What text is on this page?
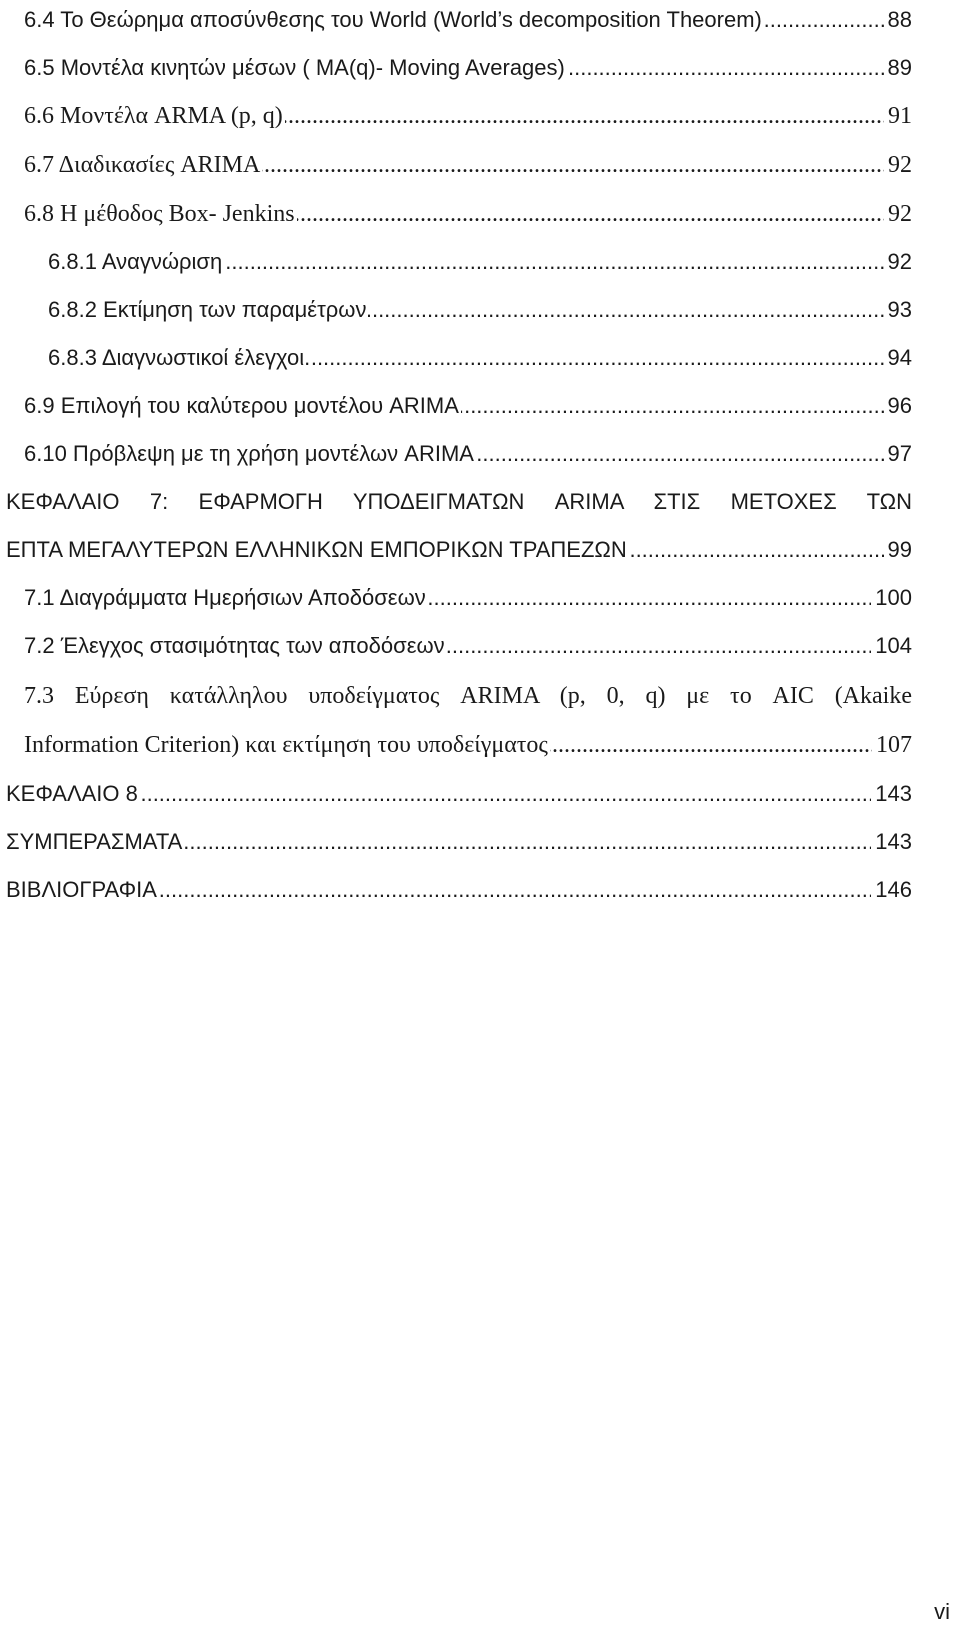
6.4 Το Θεώρημα αποσύνθεσης του World (World’s decomposition Theorem)	88
.....
6.5 Μοντέλα κινητών μέσων ( MA(q)- Moving Averages)	89
.....
6.6 Μοντέλα ARMA (p, q)	91
.....
6.7 Διαδικασίες ARIMA	92
.....
6.8 Η μέθοδος Box- Jenkins	92
.....
6.8.1 Αναγνώριση	92
.....
6.8.2 Εκτίμηση των παραμέτρων	93
.....
6.8.3 Διαγνωστικοί έλεγχοι.	94
.....
6.9 Επιλογή του καλύτερου μοντέλου ARIMA	96
.....
6.10 Πρόβλεψη με τη χρήση μοντέλων ARIMA	97
.....
ΚΕΦΑΛΑΙΟ 7: ΕΦΑΡΜΟΓΗ ΥΠΟΔΕΙΓΜΑΤΩΝ ARIMA ΣΤΙΣ ΜΕΤΟΧΕΣ ΤΩΝ
ΕΠΤΑ ΜΕΓΑΛΥΤΕΡΩΝ ΕΛΛΗΝΙΚΩΝ ΕΜΠΟΡΙΚΩΝ ΤΡΑΠΕΖΩΝ	99
.....
7.1 Διαγράμματα Ημερήσιων Αποδόσεων	100
.....
7.2 Έλεγχος στασιμότητας των αποδόσεων	104
.....
7.3 Εύρεση κατάλληλου υποδείγματος ARIMA (p, 0, q) με το AIC (Akaike
Information Criterion) και εκτίμηση του υποδείγματος	107
.....
ΚΕΦΑΛΑΙΟ 8	143
.....
ΣΥΜΠΕΡΑΣΜΑΤΑ	143
.....
ΒΙΒΛΙΟΓΡΑΦΙΑ	146
.....
vi
